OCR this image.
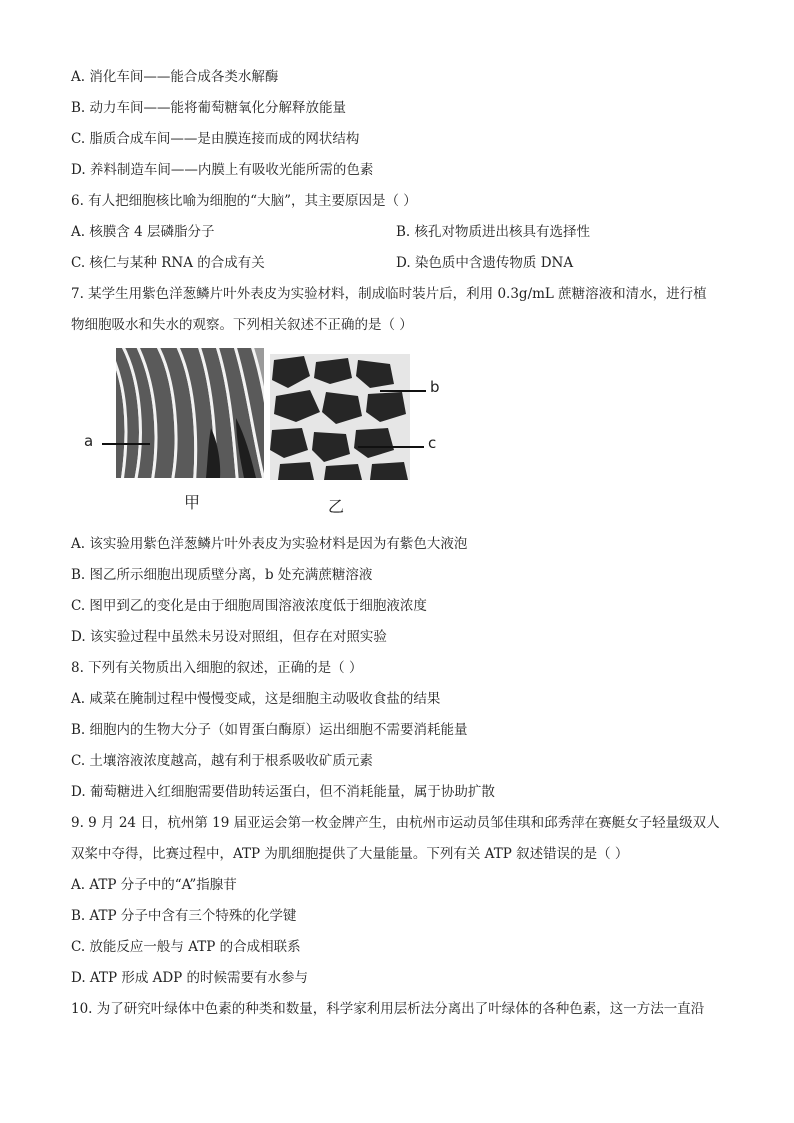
A. 消化车间——能合成各类水解酶
B. 动力车间——能将葡萄糖氧化分解释放能量
C. 脂质合成车间——是由膜连接而成的网状结构
D. 养料制造车间——内膜上有吸收光能所需的色素
6. 有人把细胞核比喻为细胞的“大脑”，其主要原因是（ ）
A. 核膜含 4 层磷脂分子	B. 核孔对物质进出核具有选择性
C. 核仁与某种 RNA 的合成有关	D. 染色质中含遗传物质 DNA
7. 某学生用紫色洋葱鳞片叶外表皮为实验材料，制成临时装片后，利用 0.3g/mL 蔗糖溶液和清水，进行植
物细胞吸水和失水的观察。下列相关叙述不正确的是（ ）
a
b
c
甲	乙
A. 该实验用紫色洋葱鳞片叶外表皮为实验材料是因为有紫色大液泡
B. 图乙所示细胞出现质壁分离，b 处充满蔗糖溶液
C. 图甲到乙的变化是由于细胞周围溶液浓度低于细胞液浓度
D. 该实验过程中虽然未另设对照组，但存在对照实验
8. 下列有关物质出入细胞的叙述，正确的是（ ）
A. 咸菜在腌制过程中慢慢变咸，这是细胞主动吸收食盐的结果
B. 细胞内的生物大分子（如胃蛋白酶原）运出细胞不需要消耗能量
C. 土壤溶液浓度越高，越有利于根系吸收矿质元素
D. 葡萄糖进入红细胞需要借助转运蛋白，但不消耗能量，属于协助扩散
9. 9 月 24 日，杭州第 19 届亚运会第一枚金牌产生，由杭州市运动员邹佳琪和邱秀萍在赛艇女子轻量级双人
双桨中夺得，比赛过程中，ATP 为肌细胞提供了大量能量。下列有关 ATP 叙述错误的是（ ）
A. ATP 分子中的“A”指腺苷
B. ATP 分子中含有三个特殊的化学键
C. 放能反应一般与 ATP 的合成相联系
D. ATP 形成 ADP 的时候需要有水参与
10. 为了研究叶绿体中色素的种类和数量，科学家利用层析法分离出了叶绿体的各种色素，这一方法一直沿
